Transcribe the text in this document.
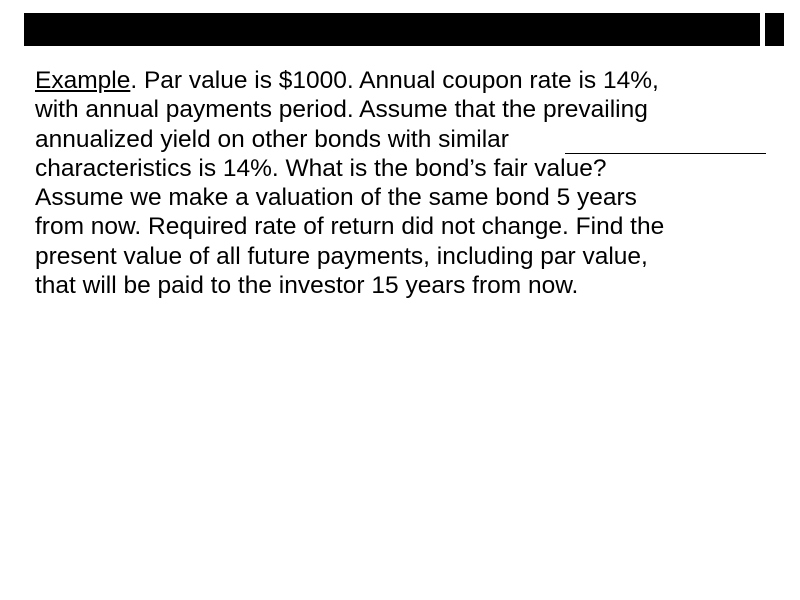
Example. Par value is $1000. Annual coupon rate is 14%,
with annual payments period. Assume that the prevailing
annualized yield on other bonds with similar
characteristics is 14%. What is the bond’s fair value?
Assume we make a valuation of the same bond 5 years
from now. Required rate of return did not change. Find the
present value of all future payments, including par value,
that will be paid to the investor 15 years from now.
